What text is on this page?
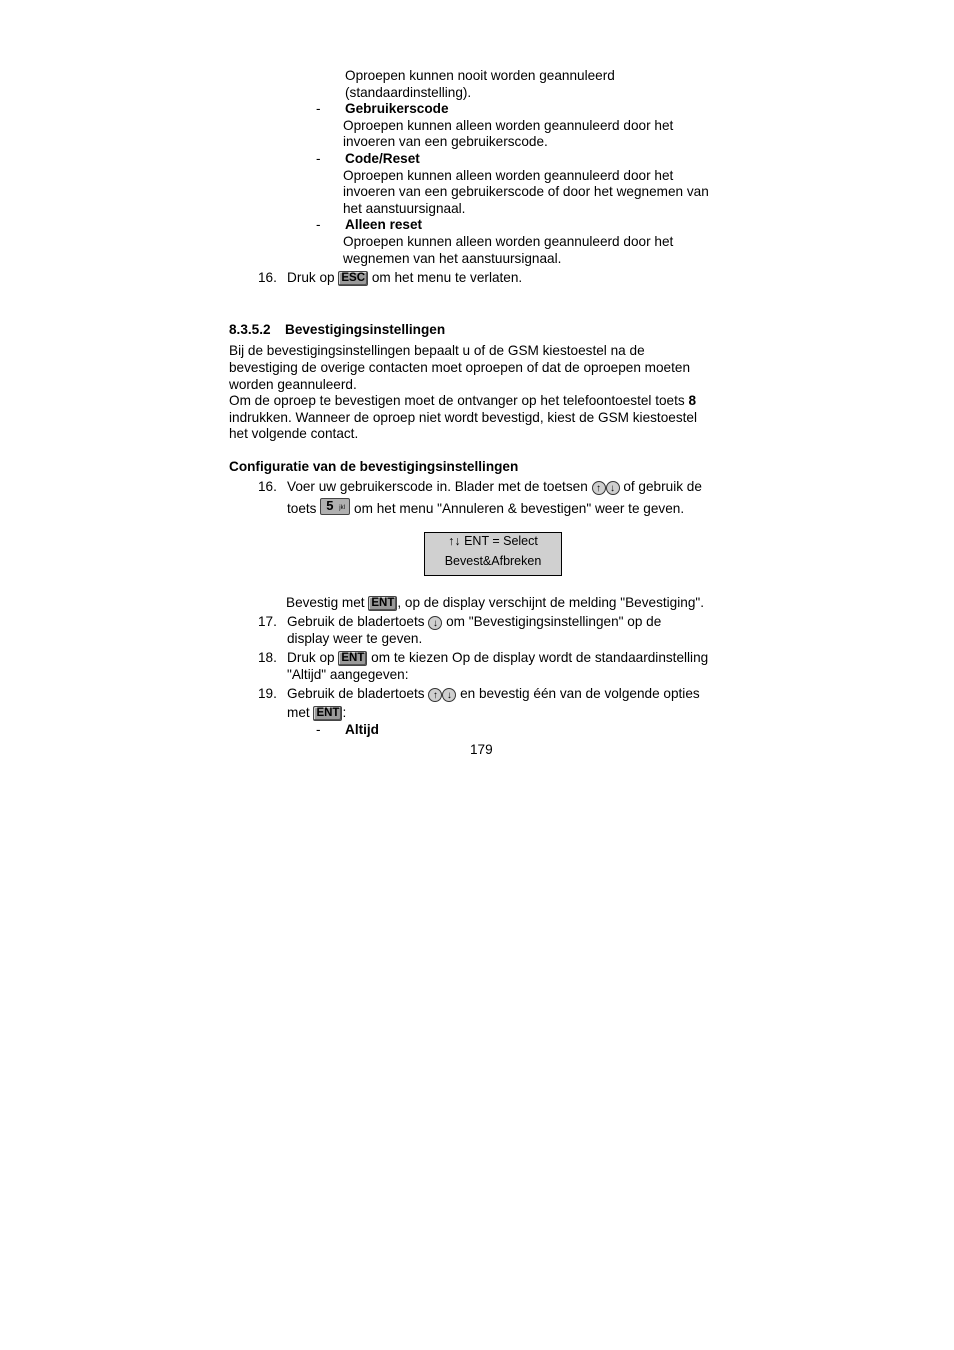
Oproepen kunnen nooit worden geannuleerd
(standaardinstelling).
- Gebruikerscode
Oproepen kunnen alleen worden geannuleerd door het
invoeren van een gebruikerscode.
- Code/Reset
Oproepen kunnen alleen worden geannuleerd door het
invoeren van een gebruikerscode of door het wegnemen van
het aanstuursignaal.
- Alleen reset
Oproepen kunnen alleen worden geannuleerd door het
wegnemen van het aanstuursignaal.
16. Druk op ESC om het menu te verlaten.
8.3.5.2 Bevestigingsinstellingen
Bij de bevestigingsinstellingen bepaalt u of de GSM kiestoestel na de
bevestiging de overige contacten moet oproepen of dat de oproepen moeten
worden geannuleerd.
Om de oproep te bevestigen moet de ontvanger op het telefoontoestel toets 8
indrukken. Wanneer de oproep niet wordt bevestigd, kiest de GSM kiestoestel
het volgende contact.
Configuratie van de bevestigingsinstellingen
16. Voer uw gebruikerscode in. Blader met de toetsen ↑ ↓ of gebruik de
toets 5 jkl om het menu "Annuleren & bevestigen" weer te geven.
↑↓ ENT = Select
Bevest&Afbreken
Bevestig met ENT , op de display verschijnt de melding "Bevestiging".
17. Gebruik de bladertoets ↓ om "Bevestigingsinstellingen" op de
display weer te geven.
18. Druk op ENT om te kiezen Op de display wordt de standaardinstelling
"Altijd" aangegeven:
19. Gebruik de bladertoets ↑ ↓ en bevestig één van de volgende opties
met ENT :
- Altijd
179
